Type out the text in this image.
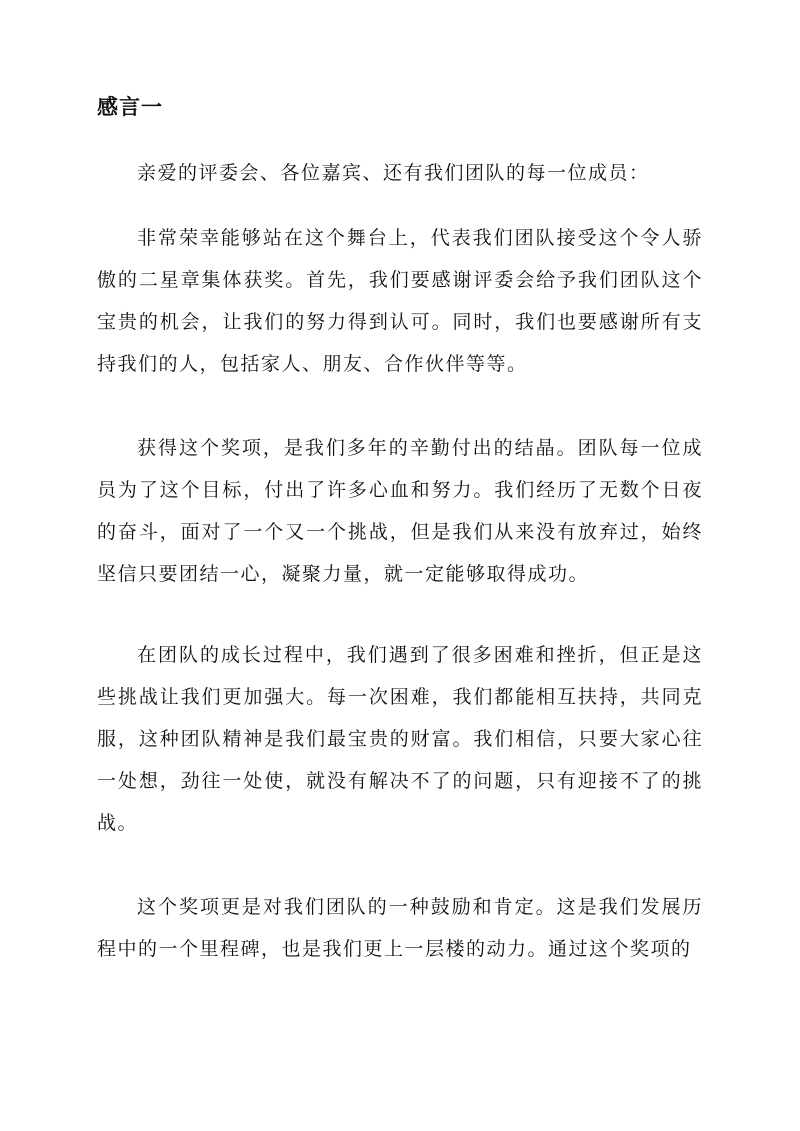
感言一

亲爱的评委会、各位嘉宾、还有我们团队的每一位成员：

非常荣幸能够站在这个舞台上，代表我们团队接受这个令人骄傲的二星章集体获奖。首先，我们要感谢评委会给予我们团队这个宝贵的机会，让我们的努力得到认可。同时，我们也要感谢所有支持我们的人，包括家人、朋友、合作伙伴等等。

获得这个奖项，是我们多年的辛勤付出的结晶。团队每一位成员为了这个目标，付出了许多心血和努力。我们经历了无数个日夜的奋斗，面对了一个又一个挑战，但是我们从来没有放弃过，始终坚信只要团结一心，凝聚力量，就一定能够取得成功。

在团队的成长过程中，我们遇到了很多困难和挫折，但正是这些挑战让我们更加强大。每一次困难，我们都能相互扶持，共同克服，这种团队精神是我们最宝贵的财富。我们相信，只要大家心往一处想，劲往一处使，就没有解决不了的问题，只有迎接不了的挑战。

这个奖项更是对我们团队的一种鼓励和肯定。这是我们发展历程中的一个里程碑，也是我们更上一层楼的动力。通过这个奖项的
